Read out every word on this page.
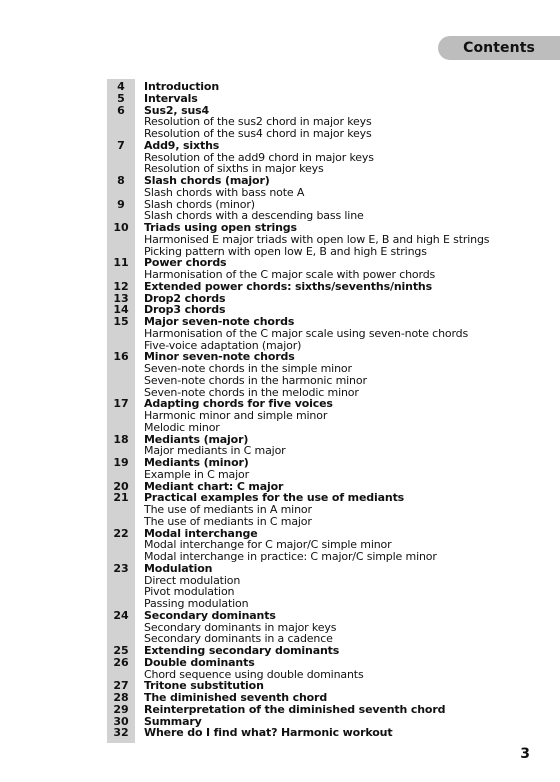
Contents
4	Introduction
5	Intervals
6	Sus2, sus4
Resolution of the sus2 chord in major keys
Resolution of the sus4 chord in major keys
7	Add9, sixths
Resolution of the add9 chord in major keys
Resolution of sixths in major keys
8	Slash chords (major)
Slash chords with bass note A
9	Slash chords (minor)
Slash chords with a descending bass line
10	Triads using open strings
Harmonised E major triads with open low E, B and high E strings
Picking pattern with open low E, B and high E strings
11	Power chords
Harmonisation of the C major scale with power chords
12	Extended power chords: sixths/sevenths/ninths
13	Drop2 chords
14	Drop3 chords
15	Major seven-note chords
Harmonisation of the C major scale using seven-note chords
Five-voice adaptation (major)
16	Minor seven-note chords
Seven-note chords in the simple minor
Seven-note chords in the harmonic minor
Seven-note chords in the melodic minor
17	Adapting chords for five voices
Harmonic minor and simple minor
Melodic minor
18	Mediants (major)
Major mediants in C major
19	Mediants (minor)
Example in C major
20	Mediant chart: C major
21	Practical examples for the use of mediants
The use of mediants in A minor
The use of mediants in C major
22	Modal interchange
Modal interchange for C major/C simple minor
Modal interchange in practice: C major/C simple minor
23	Modulation
Direct modulation
Pivot modulation
Passing modulation
24	Secondary dominants
Secondary dominants in major keys
Secondary dominants in a cadence
25	Extending secondary dominants
26	Double dominants
Chord sequence using double dominants
27	Tritone substitution
28	The diminished seventh chord
29	Reinterpretation of the diminished seventh chord
30	Summary
32	Where do I find what? Harmonic workout
3
